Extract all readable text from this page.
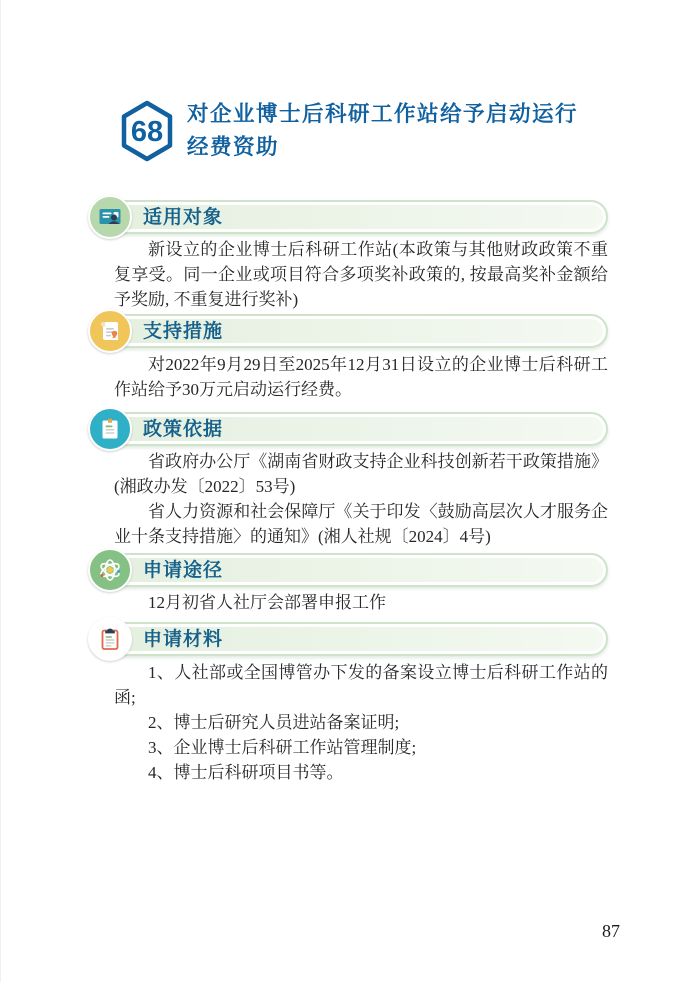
68
对企业博士后科研工作站给予启动运行
经费资助
适用对象

新设立的企业博士后科研工作站(本政策与其他财政政策不重复享受。同一企业或项目符合多项奖补政策的, 按最高奖补金额给予奖励, 不重复进行奖补)

支持措施

对2022年9月29日至2025年12月31日设立的企业博士后科研工作站给予30万元启动运行经费。

政策依据

省政府办公厅《湖南省财政支持企业科技创新若干政策措施》(湘政办发〔2022〕53号)

省人力资源和社会保障厅《关于印发〈鼓励高层次人才服务企业十条支持措施〉的通知》(湘人社规〔2024〕4号)

申请途径

12月初省人社厅会部署申报工作

申请材料

1、人社部或全国博管办下发的备案设立博士后科研工作站的函;

2、博士后研究人员进站备案证明;

3、企业博士后科研工作站管理制度;

4、博士后科研项目书等。

87
